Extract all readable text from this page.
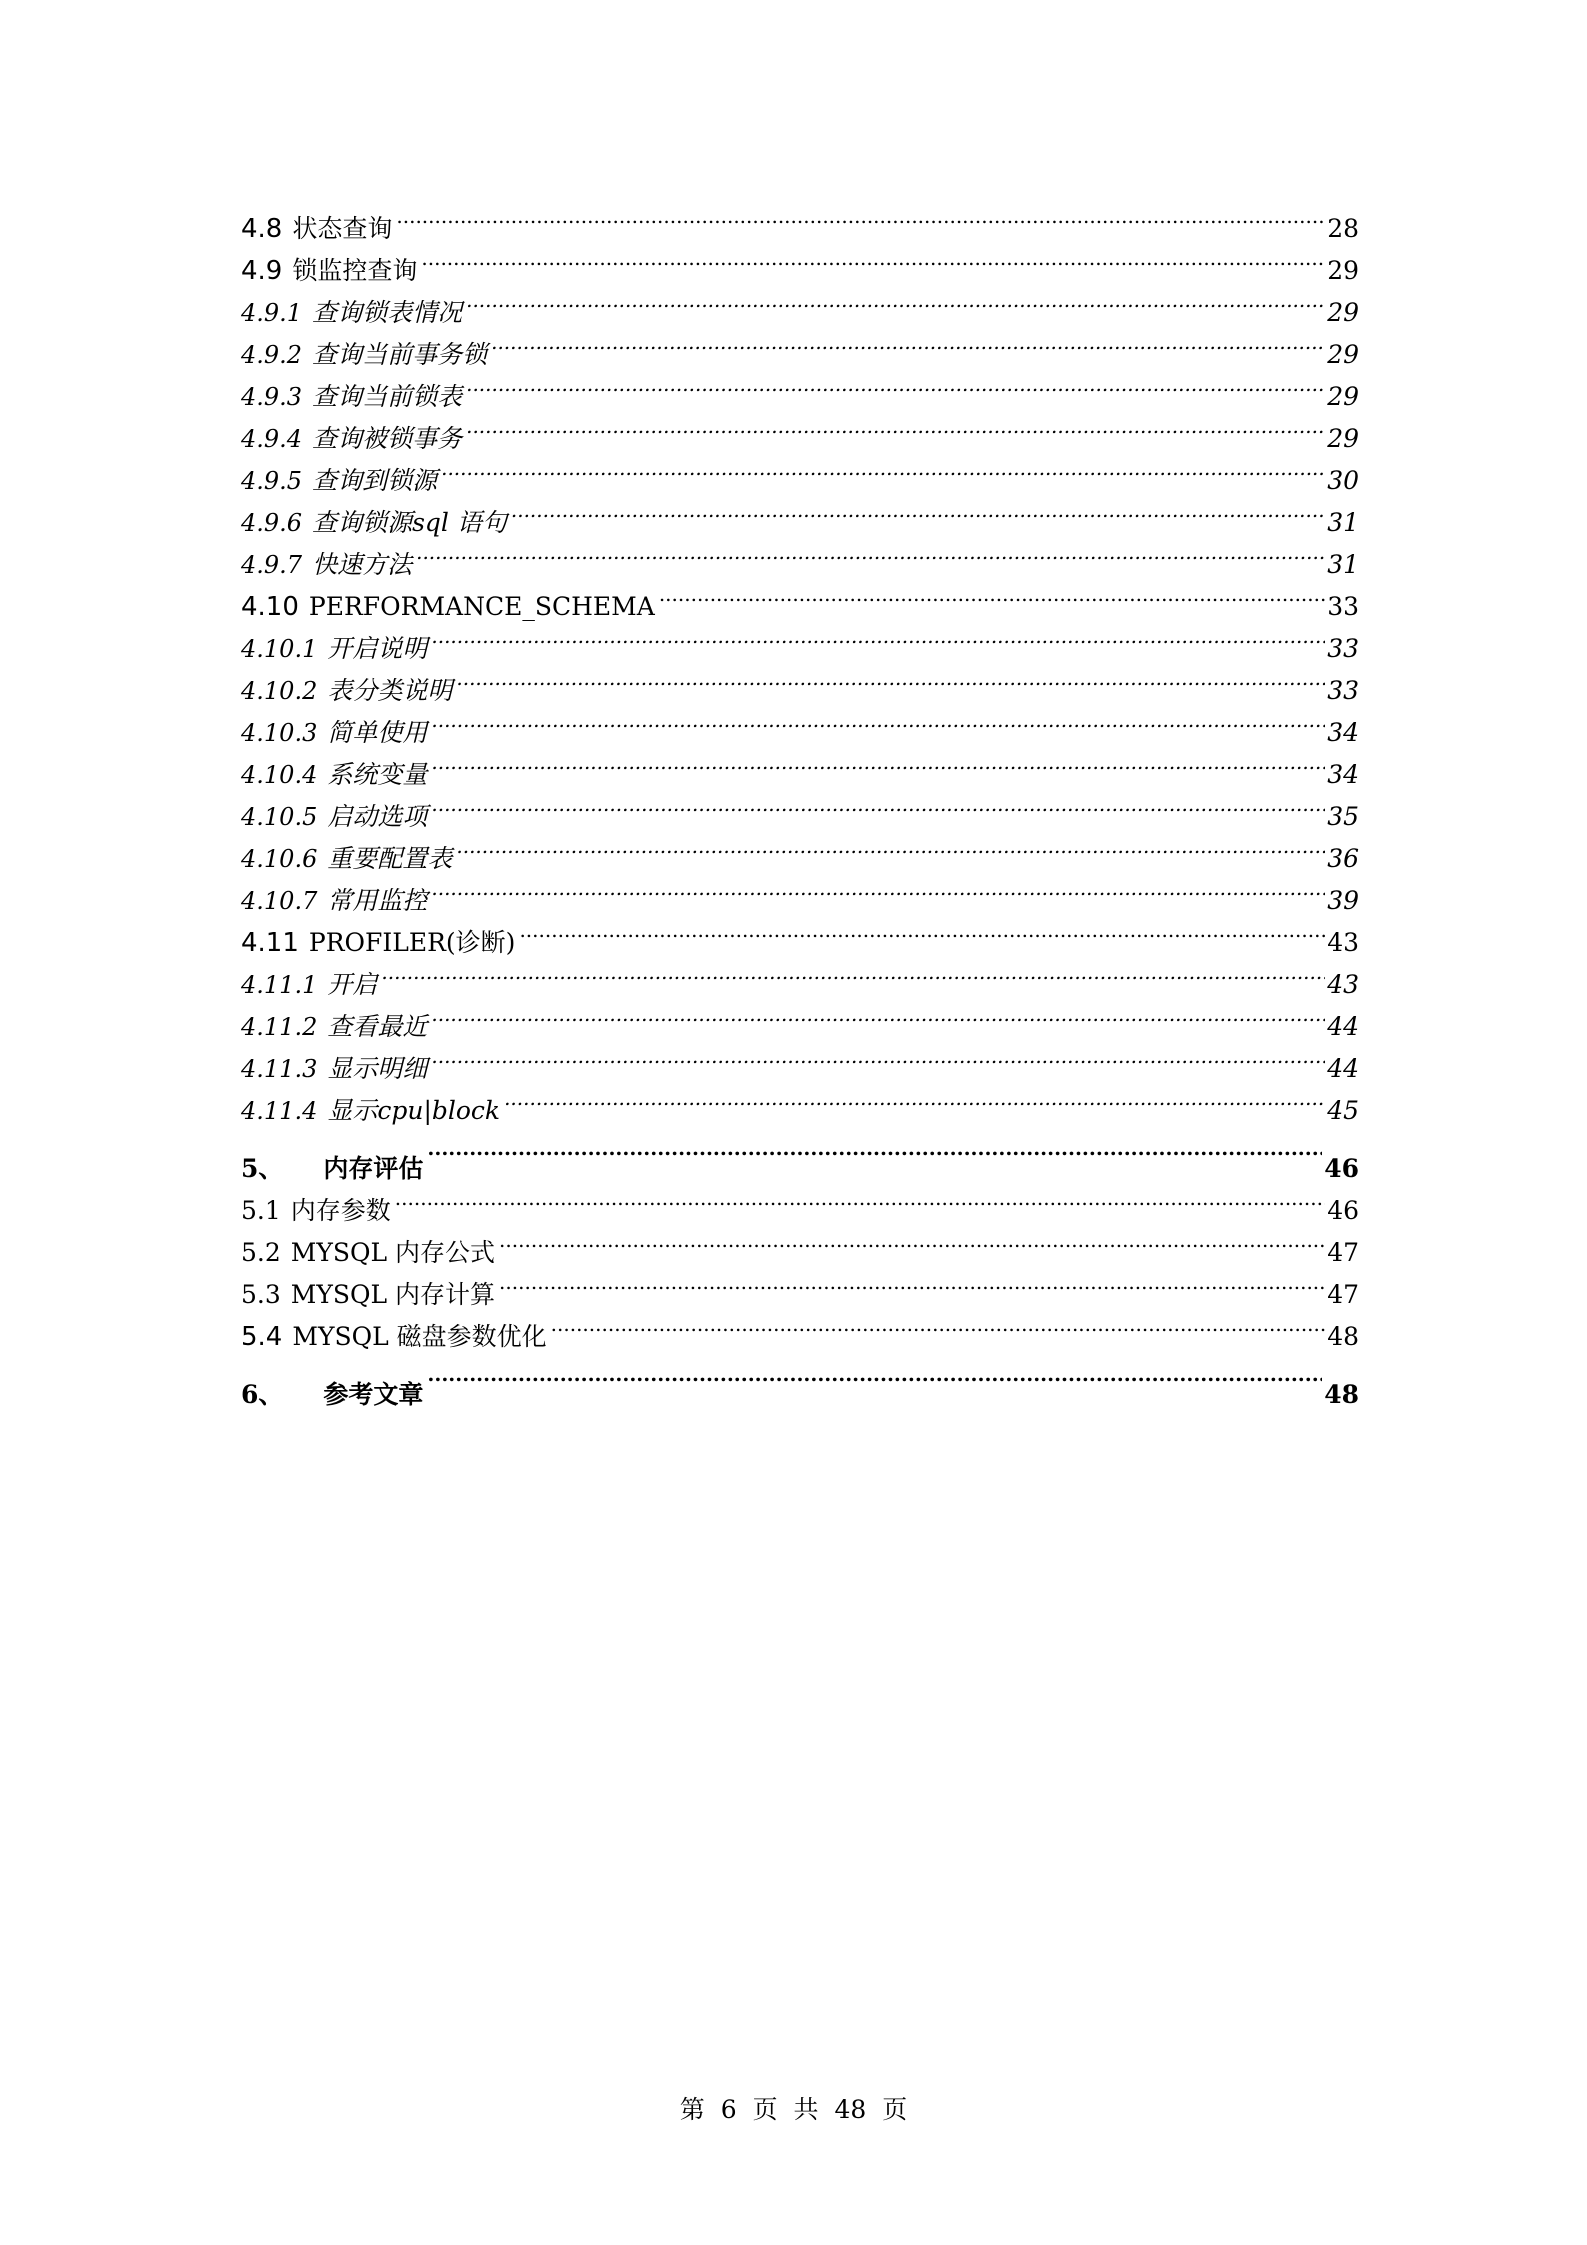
4.8 状态查询 .....	28
4.9 锁监控查询 .....	29
4.9.1 查询锁表情况 .....	29
4.9.2 查询当前事务锁 .....	29
4.9.3 查询当前锁表 .....	29
4.9.4 查询被锁事务 .....	29
4.9.5 查询到锁源 .....	30
4.9.6 查询锁源sql 语句 .....	31
4.9.7 快速方法 .....	31
4.10 PERFORMANCE_SCHEMA .....	33
4.10.1 开启说明 .....	33
4.10.2 表分类说明 .....	33
4.10.3 简单使用 .....	34
4.10.4 系统变量 .....	34
4.10.5 启动选项 .....	35
4.10.6 重要配置表 .....	36
4.10.7 常用监控 .....	39
4.11 PROFILER(诊断) .....	43
4.11.1 开启 .....	43
4.11.2 查看最近 .....	44
4.11.3 显示明细 .....	44
4.11.4 显示cpu|block .....	45
5、 内存评估 .....	46
5.1 内存参数 .....	46
5.2 MYSQL 内存公式 .....	47
5.3 MYSQL 内存计算 .....	47
5.4 MYSQL 磁盘参数优化 .....	48
6、 参考文章 .....	48
第 6 页 共 48 页
